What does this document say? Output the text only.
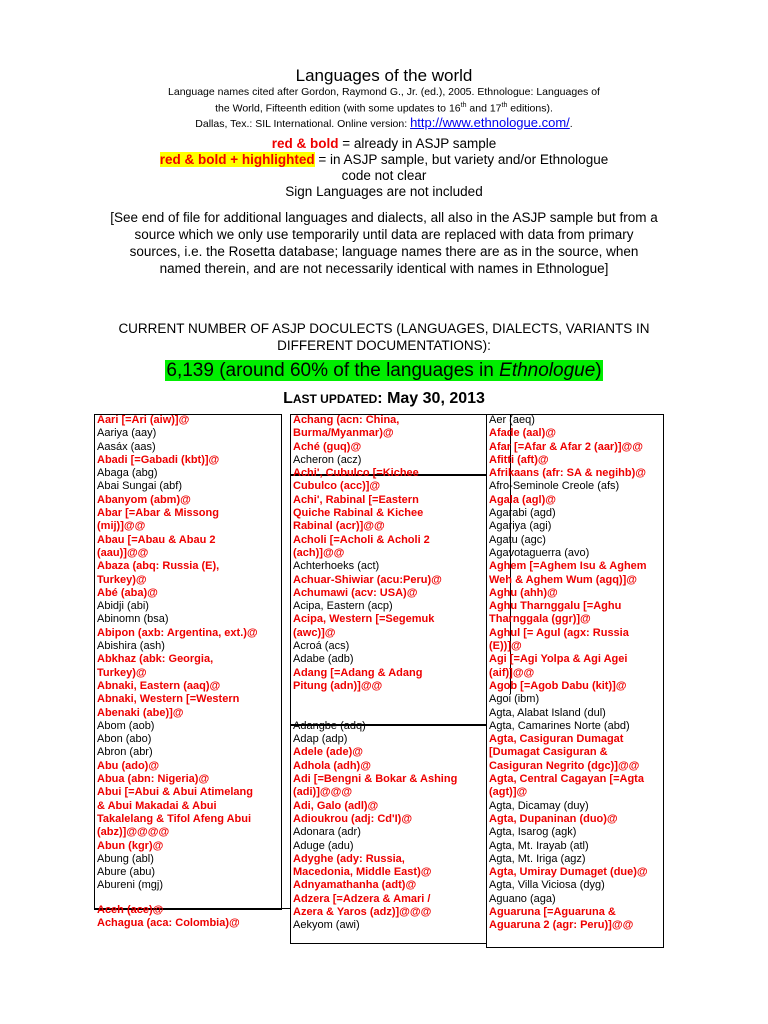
Languages of the world
Language names cited after Gordon, Raymond G., Jr. (ed.), 2005. Ethnologue: Languages of
the World, Fifteenth edition (with some updates to 16th and 17th editions).
Dallas, Tex.: SIL International. Online version: http://www.ethnologue.com/.
red & bold = already in ASJP sample
red & bold + highlighted = in ASJP sample, but variety and/or Ethnologue
code not clear
Sign Languages are not included
[See end of file for additional languages and dialects, all also in the ASJP sample but from a source which we only use temporarily until data are replaced with data from primary sources, i.e. the Rosetta database; language names there are as in the source, when named therein, and are not necessarily identical with names in Ethnologue]
CURRENT NUMBER OF ASJP DOCULECTS (LANGUAGES, DIALECTS, VARIANTS IN DIFFERENT DOCUMENTATIONS):
6,139 (around 60% of the languages in Ethnologue)
LAST UPDATED: May 30, 2013
Aari [=Ari (aiw)]@
Aariya (aay)
Aasáx (aas)
Abadi [=Gabadi (kbt)]@
Abaga (abg)
Abai Sungai (abf)
Abanyom (abm)@
Abar [=Abar & Missong
(mij)]@@
Abau [=Abau & Abau 2
(aau)]@@
Abaza (abq: Russia (E),
Turkey)@
Abé (aba)@
Abidji (abi)
Abinomn (bsa)
Abipon (axb: Argentina, ext.)@
Abishira (ash)
Abkhaz (abk: Georgia,
Turkey)@
Abnaki, Eastern (aaq)@
Abnaki, Western [=Western
Abenaki (abe)]@
Abom (aob)
Abon (abo)
Abron (abr)
Abu (ado)@
Abua (abn: Nigeria)@
Abui [=Abui & Abui Atimelang
& Abui Makadai & Abui
Takalelang & Tifol Afeng Abui
(abz)]@@@@
Abun (kgr)@
Abung (abl)
Abure (abu)
Abureni (mgj)
Aceh (ace)@
Achagua (aca: Colombia)@
Achang (acn: China,
Burma/Myanmar)@
Aché (guq)@
Acheron (acz)
Achi', Cubulco [=Kichee
Cubulco (acc)]@
Achi', Rabinal [=Eastern
Quiche Rabinal & Kichee
Rabinal (acr)]@@
Acholi [=Acholi & Acholi 2
(ach)]@@
Achterhoeks (act)
Achuar-Shiwiar (acu:Peru)@
Achumawi (acv: USA)@
Acipa, Eastern (acp)
Acipa, Western [=Segemuk
(awc)]@
Acroá (acs)
Adabe (adb)
Adang [=Adang & Adang
Pitung (adn)]@@
Adangbe (adq)
Adap (adp)
Adele (ade)@
Adhola (adh)@
Adi [=Bengni & Bokar & Ashing
(adi)]@@@
Adi, Galo (adl)@
Adioukrou (adj: Cd'I)@
Adonara (adr)
Aduge (adu)
Adyghe (ady: Russia,
Macedonia, Middle East)@
Adnyamathanha (adt)@
Adzera [=Adzera & Amari /
Azera & Yaros (adz)]@@@
Aekyom (awi)
Aer (aeq)
Afade (aal)@
Afar [=Afar & Afar 2 (aar)]@@
Afitti (aft)@
Afrikaans (afr: SA & negihb)@
Afro-Seminole Creole (afs)
Agala (agl)@
Agarabi (agd)
Agariya (agi)
Agatu (agc)
Agavotaguerra (avo)
Aghem [=Aghem Isu & Aghem
Weh & Aghem Wum (agq)]@
Aghu (ahh)@
Aghu Tharnggalu [=Aghu
Tharnggala (ggr)]@
Aghul [= Agul (agx: Russia
(E))]@
Agi [=Agi Yolpa & Agi Agei
(aif)]@@
Agob [=Agob Dabu (kit)]@
Agoi (ibm)
Agta, Alabat Island (dul)
Agta, Camarines Norte (abd)
Agta, Casiguran Dumagat
[Dumagat Casiguran &
Casiguran Negrito (dgc)]@@
Agta, Central Cagayan [=Agta
(agt)]@
Agta, Dicamay (duy)
Agta, Dupaninan (duo)@
Agta, Isarog (agk)
Agta, Mt. Irayab (atl)
Agta, Mt. Iriga (agz)
Agta, Umiray Dumaget (due)@
Agta, Villa Viciosa (dyg)
Aguano (aga)
Aguaruna [=Aguaruna &
Aguaruna 2 (agr: Peru)]@@
